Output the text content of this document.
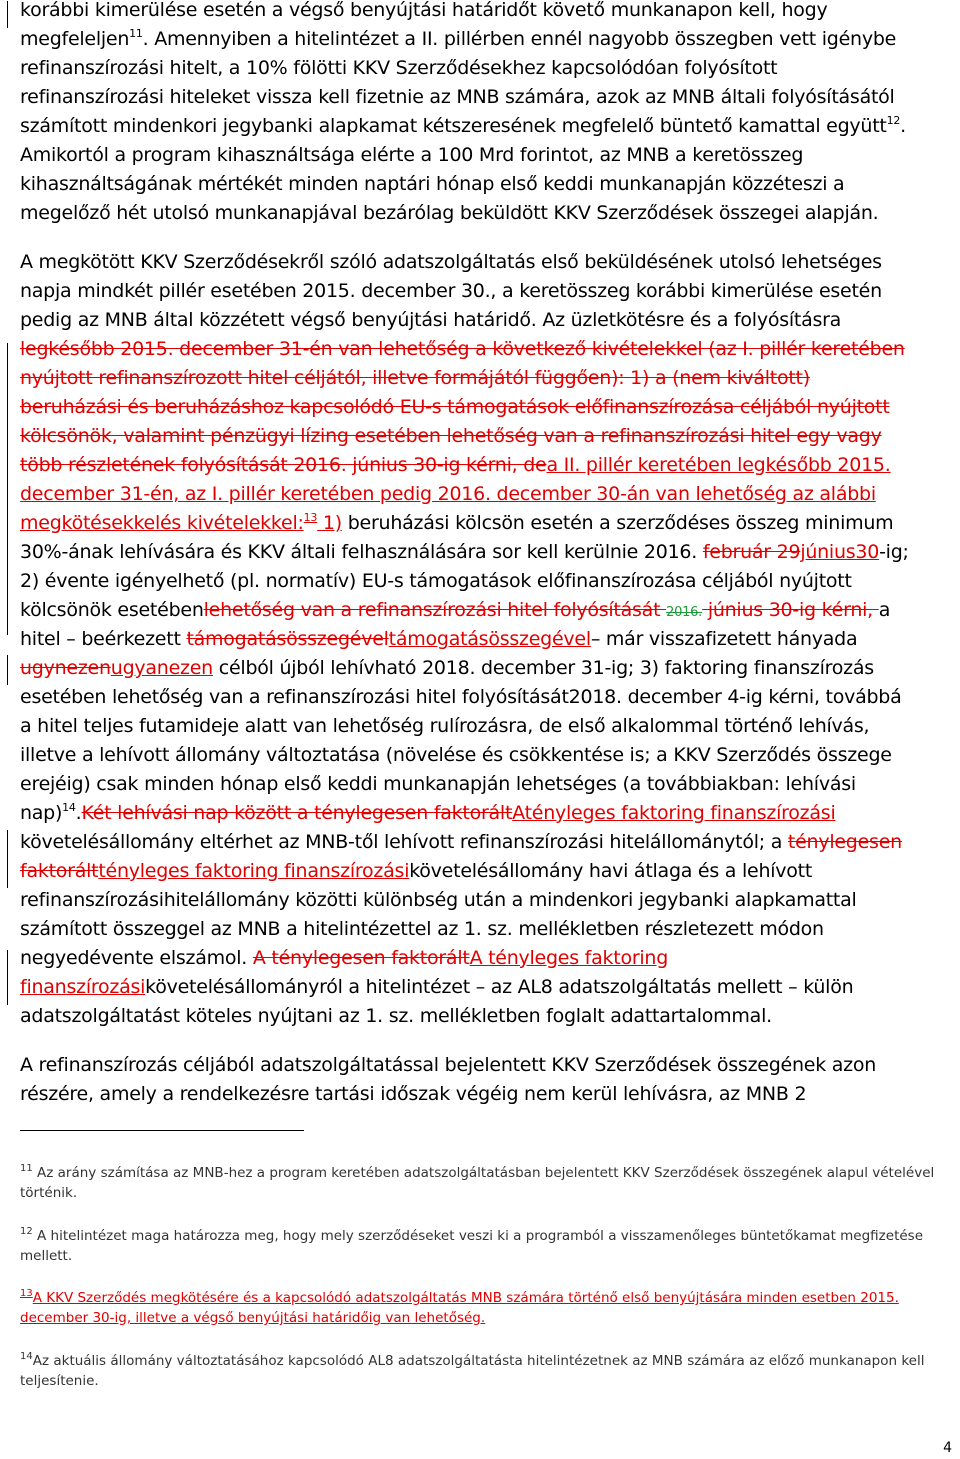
korábbi kimerülése esetén a végső benyújtási határidőt követő munkanapon kell, hogy
megfeleljen$^{11}$. Amennyiben a hitelintézet a II. pillérben ennél nagyobb összegben vett igénybe
refinanszírozási hitelt, a 10% fölötti KKV Szerződésekhez kapcsolódóan folyósított
refinanszírozási hiteleket vissza kell fizetnie az MNB számára, azok az MNB általi folyósításától
számított mindenkori jegybanki alapkamat kétszeresének megfelelő büntető kamattal együtt$^{12}$.
Amikortól a program kihasználtsága elérte a 100 Mrd forintot, az MNB a keretösszeg
kihasználtságának mértékét minden naptári hónap első keddi munkanapján közzéteszi a
megelőző hét utolsó munkanapjával bezárólag beküldött KKV Szerződések összegei alapján.
A megkötött KKV Szerződésekről szóló adatszolgáltatás első beküldésének utolsó lehetséges
napja mindkét pillér esetében 2015. december 30., a keretösszeg korábbi kimerülése esetén
pedig az MNB által közzétett végső benyújtási határidő. Az üzletkötésre és a folyósításra
legkésőbb 2015. december 31-én van lehetőség a következő kivételekkel (az I. pillér keretében
nyújtott refinanszírozott hitel céljától, illetve formájától függően): 1) a (nem kiváltott)
beruházási és beruházáshoz kapcsolódó EU-s támogatások előfinanszírozása céljából nyújtott
kölcsönök, valamint pénzügyi lízing esetében lehetőség van a refinanszírozási hitel egy vagy
több részletének folyósítását 2016. június 30-ig kérni, dea II. pillér keretében legkésőbb 2015.
december 31-én, az I. pillér keretében pedig 2016. december 30-án van lehetőség az alábbi
megkötésekkelés kivételekkel:$^{13}$ 1) beruházási kölcsön esetén a szerződéses összeg minimum
30%-ának lehívására és KKV általi felhasználására sor kell kerülnie 2016. február 29június30-ig;
2) évente igényelhető (pl. normatív) EU-s támogatások előfinanszírozása céljából nyújtott
kölcsönök esetébenlehetőség van a refinanszírozási hitel folyósítását 2016. június 30-ig kérni, a
hitel – beérkezett támogatásösszegéveltámogatásösszegével– már visszafizetett hányada
ugynezenugyanezen célból újból lehívható 2018. december 31-ig; 3) faktoring finanszírozás
esetében lehetőség van a refinanszírozási hitel folyósítását2018. december 4-ig kérni, továbbá
a hitel teljes futamideje alatt van lehetőség rulírozásra, de első alkalommal történő lehívás,
illetve a lehívott állomány változtatása (növelése és csökkentése is; a KKV Szerződés összege
erejéig) csak minden hónap első keddi munkanapján lehetséges (a továbbiakban: lehívási
nap)$^{14}$.Két lehívási nap között a ténylegesen faktoráltAtényleges faktoring finanszírozási
követelésállomány eltérhet az MNB-től lehívott refinanszírozási hitelállománytól; a ténylegesen
faktorálttényleges faktoring finanszírozásikövetelésállomány havi átlaga és a lehívott
refinanszírozásihitelállomány közötti különbség után a mindenkori jegybanki alapkamattal
számított összeggel az MNB a hitelintézettel az 1. sz. mellékletben részletezett módon
negyedévente elszámol. A ténylegesen faktoráltA tényleges faktoring
finanszírozásikövetelésállományról a hitelintézet – az AL8 adatszolgáltatás mellett – külön
adatszolgáltatást köteles nyújtani az 1. sz. mellékletben foglalt adattartalommal.
A refinanszírozás céljából adatszolgáltatással bejelentett KKV Szerződések összegének azon
részére, amely a rendelkezésre tartási időszak végéig nem kerül lehívásra, az MNB 2
$^{11}$ Az arány számítása az MNB-hez a program keretében adatszolgáltatásban bejelentett KKV Szerződések összegének alapul vételével történik.
$^{12}$ A hitelintézet maga határozza meg, hogy mely szerződéseket veszi ki a programból a visszamenőleges büntetőkamat megfizetése mellett.
$^{13}$A KKV Szerződés megkötésére és a kapcsolódó adatszolgáltatás MNB számára történő első benyújtására minden esetben 2015. december 30-ig, illetve a végső benyújtási határidőig van lehetőség.
$^{14}$Az aktuális állomány változtatásához kapcsolódó AL8 adatszolgáltatásta hitelintézetnek az MNB számára az előző munkanapon kell teljesítenie.
4
